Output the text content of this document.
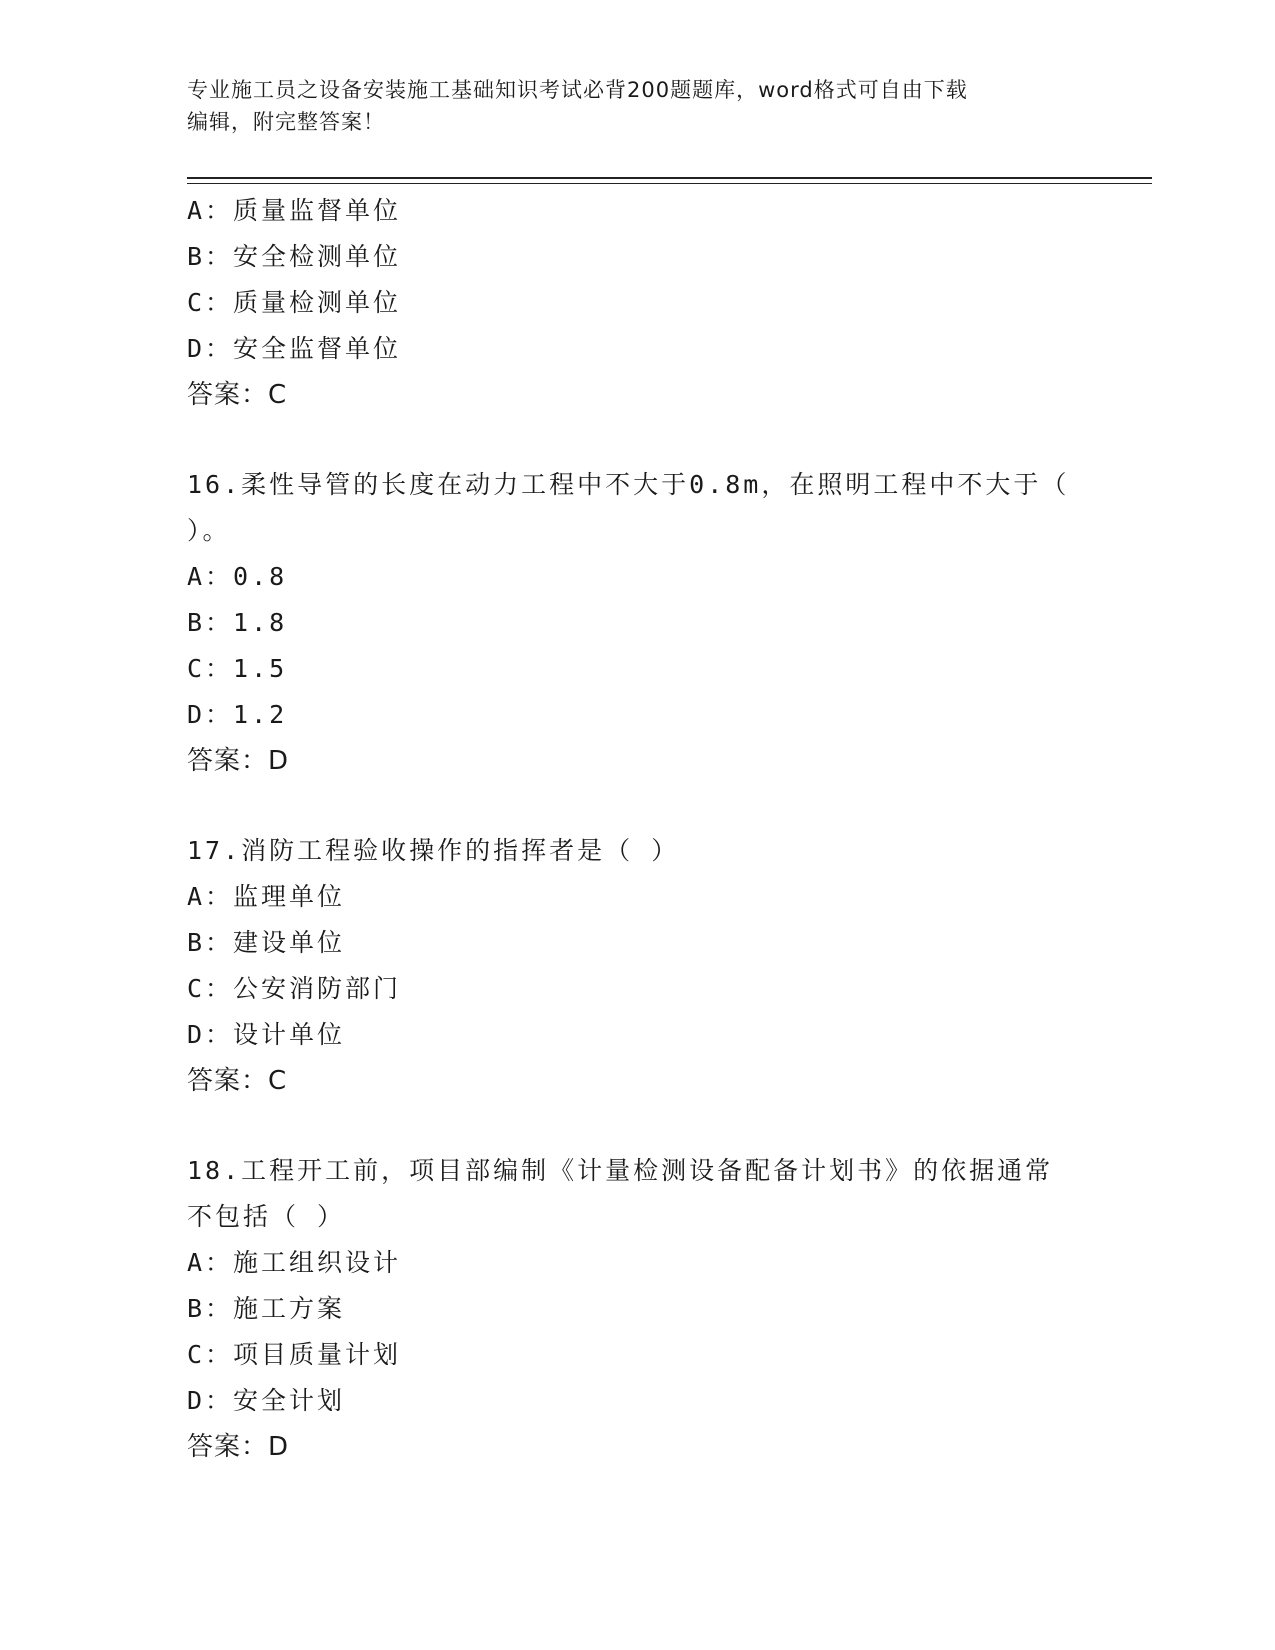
专业施工员之设备安装施工基础知识考试必背200题题库，word格式可自由下载
编辑，附完整答案！
A：质量监督单位
B：安全检测单位
C：质量检测单位
D：安全监督单位
答案：C
16.柔性导管的长度在动力工程中不大于0.8m，在照明工程中不大于（
）。
A：0.8
B：1.8
C：1.5
D：1.2
答案：D
17.消防工程验收操作的指挥者是（ ）
A：监理单位
B：建设单位
C：公安消防部门
D：设计单位
答案：C
18.工程开工前，项目部编制《计量检测设备配备计划书》的依据通常
不包括（ ）
A：施工组织设计
B：施工方案
C：项目质量计划
D：安全计划
答案：D
